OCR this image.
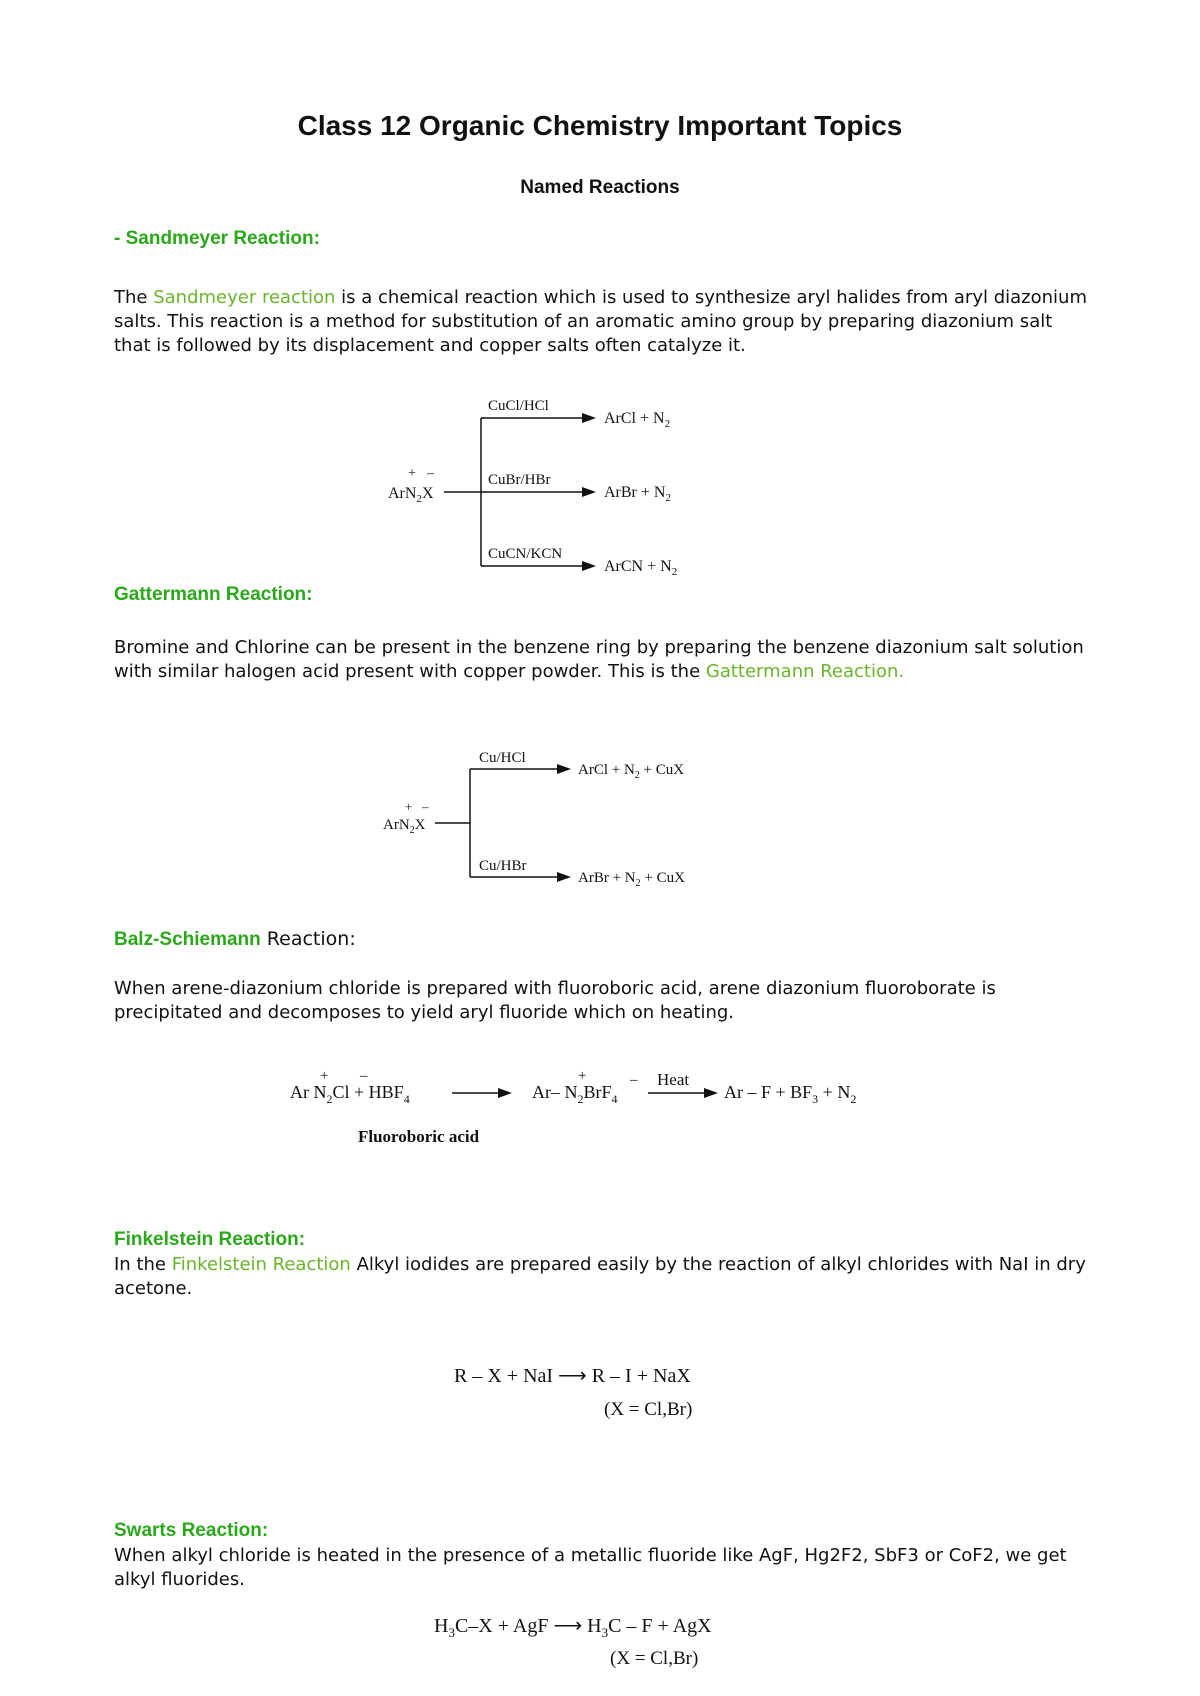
Class 12 Organic Chemistry Important Topics
Named Reactions
- Sandmeyer Reaction:
The Sandmeyer reaction is a chemical reaction which is used to synthesize aryl halides from aryl diazonium salts. This reaction is a method for substitution of an aromatic amino group by preparing diazonium salt that is followed by its displacement and copper salts often catalyze it.
+ –
ArN$_2$X
CuCl/HCl
CuBr/HBr
CuCN/KCN
ArCl + $N_2$
ArBr + $N_2$
ArCN + $N_2$
Gattermann Reaction:
Bromine and Chlorine can be present in the benzene ring by preparing the benzene diazonium salt solution with similar halogen acid present with copper powder. This is the Gattermann Reaction.
+ –
ArN$_2$X
Cu/HCl
Cu/HBr
ArCl + $N_2$ + CuX
ArBr + $N_2$ + CuX
Balz-Schiemann Reaction:
When arene-diazonium chloride is prepared with fluoroboric acid, arene diazonium fluoroborate is precipitated and decomposes to yield aryl fluoride which on heating.
+ –
Ar $N_2Cl + HBF_4$
+	–
Ar– $N_2BrF_4$
Heat
$Ar - F + BF_3 + N_2$
Fluoroboric acid
Finkelstein Reaction:
In the Finkelstein Reaction Alkyl iodides are prepared easily by the reaction of alkyl chlorides with NaI in dry acetone.
R – X + NaI ⟶ R – I + NaX
(X = Cl,Br)
Swarts Reaction:
When alkyl chloride is heated in the presence of a metallic fluoride like AgF, Hg2F2, SbF3 or CoF2, we get alkyl fluorides.
$H_3C-X$ + AgF ⟶ $H_3C$ – F + AgX
(X = Cl,Br)
